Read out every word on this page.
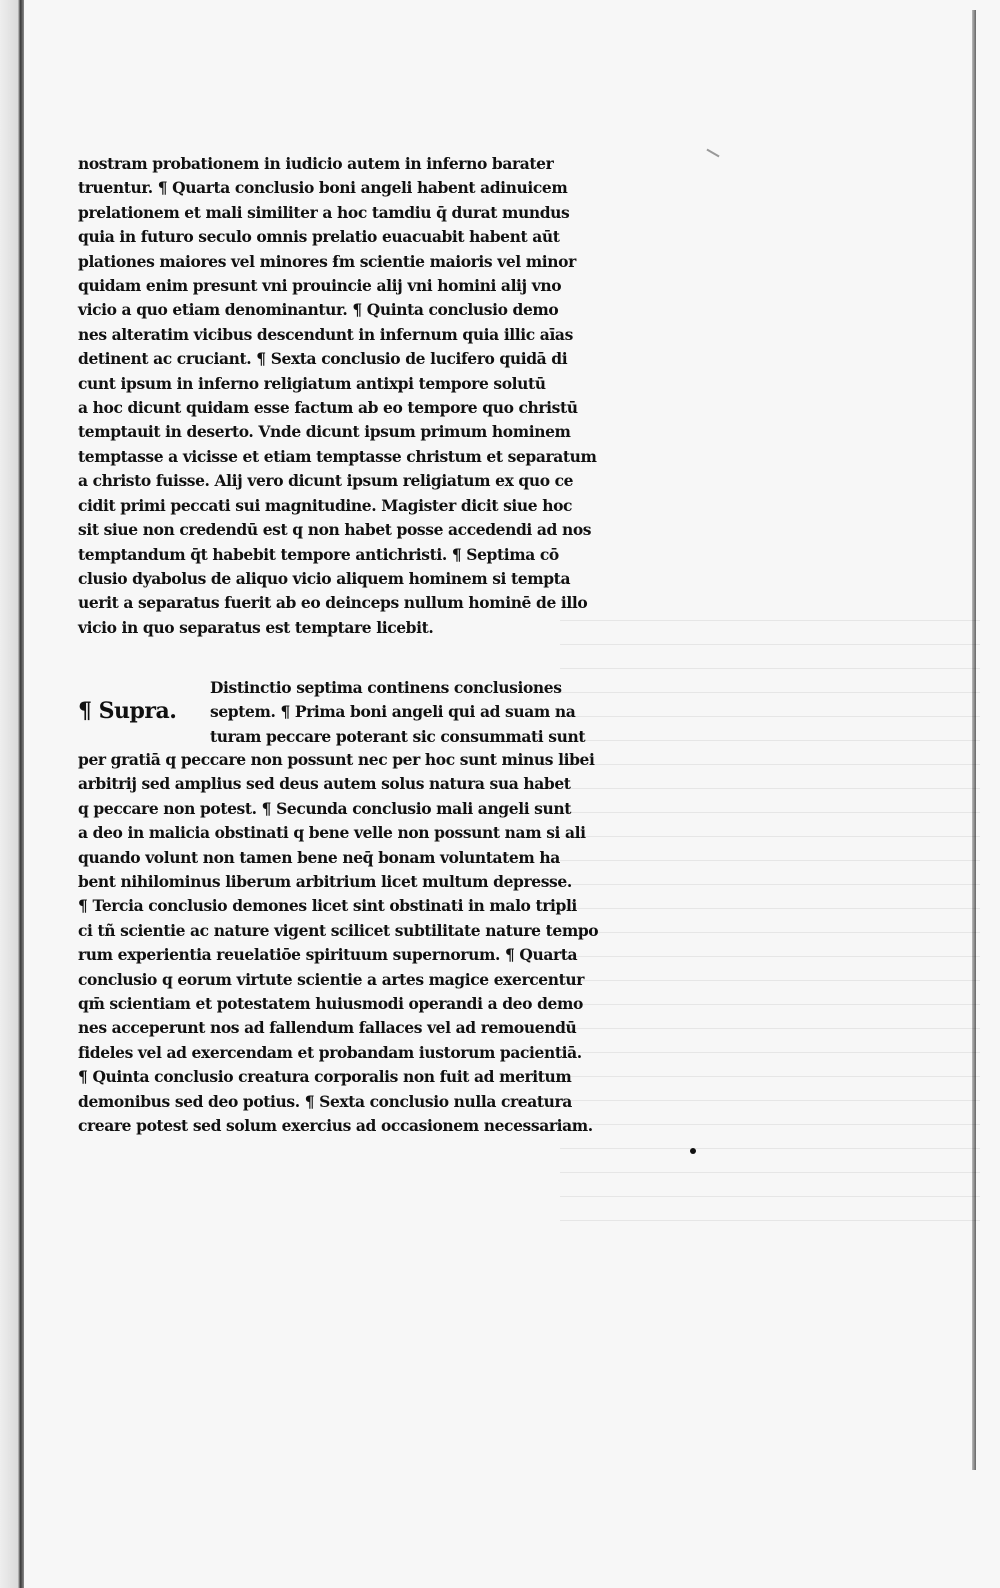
nostram probationem in iudicio autem in inferno barater
truentur. ¶ Quarta conclusio boni angeli habent adinuicem
prelationem et mali similiter a hoc tamdiu q̄ durat mundus
quia in futuro seculo omnis prelatio euacuabit habent aūt
plationes maiores vel minores ẜm scientie maioris vel minor
quidam enim presunt vni prouincie alij vni homini alij vno
vicio a quo etiam denominantur. ¶ Quinta conclusio demo
nes alteratim vicibus descendunt in infernum quia illic aīas
detinent ac cruciant. ¶ Sexta conclusio de lucifero quidā di
cunt ipsum in inferno religiatum antixpi tempore solutū
a hoc dicunt quidam esse factum ab eo tempore quo christū
temptauit in deserto. Vnde dicunt ipsum primum hominem
temptasse a vicisse et etiam temptasse christum et separatum
a christo fuisse. Alij vero dicunt ipsum religiatum ex quo ce
cidit primi peccati sui magnitudine. Magister dicit siue hoc
sit siue non credendū est q non habet posse accedendi ad nos
temptandum q̄t habebit tempore antichristi. ¶ Septima cō
clusio dyabolus de aliquo vicio aliquem hominem si tempta
uerit a separatus fuerit ab eo deinceps nullum hominē de illo
vicio in quo separatus est temptare licebit.
¶ Supra.
Distinctio septima continens conclusiones
septem. ¶ Prima boni angeli qui ad suam na
turam peccare poterant sic consummati sunt
per gratiā q peccare non possunt nec per hoc sunt minus libei
arbitrij sed amplius sed deus autem solus natura sua habet
q peccare non potest. ¶ Secunda conclusio mali angeli sunt
a deo in malicia obstinati q bene velle non possunt nam si ali
quando volunt non tamen bene neq̄ bonam voluntatem ha
bent nihilominus liberum arbitrium licet multum depresse.
¶ Tercia conclusio demones licet sint obstinati in malo tripli
ci tñ scientie ac nature vigent scilicet subtilitate nature tempo
rum experientia reuelatiōe spirituum supernorum. ¶ Quarta
conclusio q eorum virtute scientie a artes magice exercentur
qm̄ scientiam et potestatem huiusmodi operandi a deo demo
nes acceperunt nos ad fallendum fallaces vel ad remouendū
fideles vel ad exercendam et probandam iustorum pacientiā.
¶ Quinta conclusio creatura corporalis non fuit ad meritum
demonibus sed deo potius. ¶ Sexta conclusio nulla creatura
creare potest sed solum exercius ad occasionem necessariam.
